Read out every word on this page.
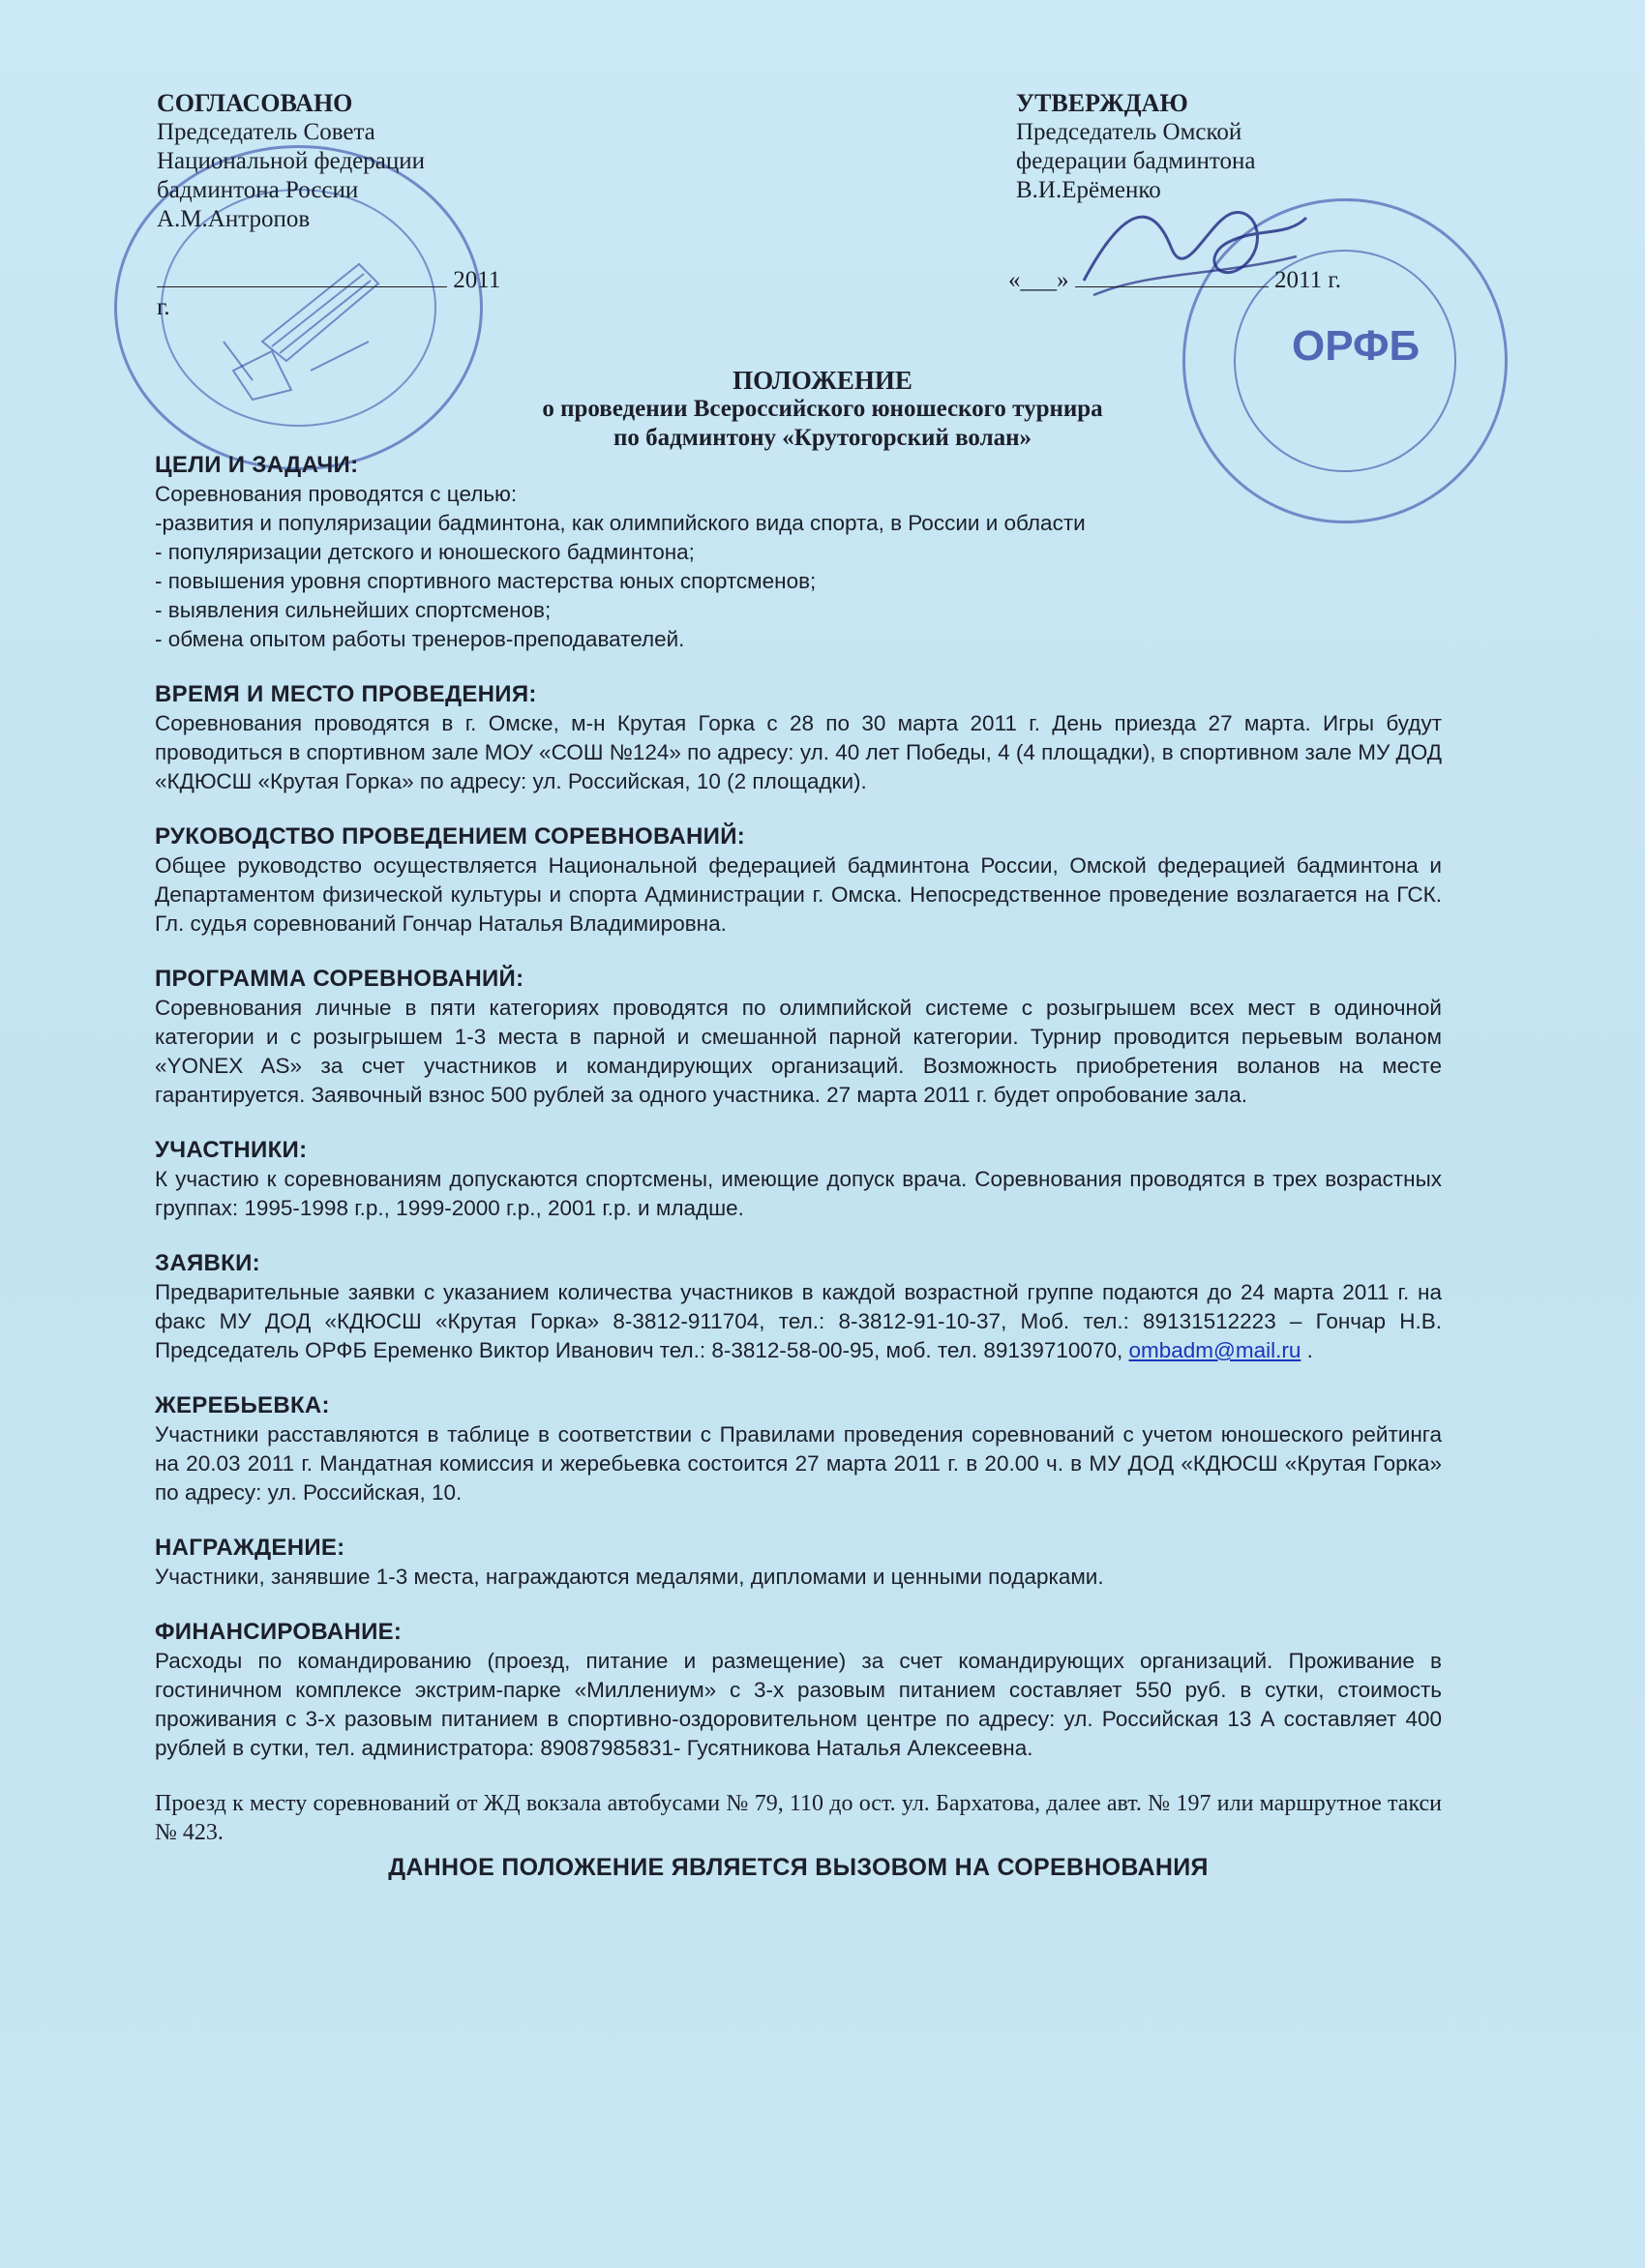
ОРФБ
СОГЛАСОВАНО
Председатель Совета
Национальной федерации
бадминтона России
А.М.Антропов
2011 г.
УТВЕРЖДАЮ
Председатель Омской
федерации бадминтона
В.И.Ерёменко
«___»	2011 г.
ПОЛОЖЕНИЕ
о проведении Всероссийского юношеского турнира
по бадминтону «Крутогорский волан»
ЦЕЛИ И ЗАДАЧИ:
Соревнования проводятся с целью:
-развития и популяризации бадминтона, как олимпийского вида спорта, в России и области
- популяризации детского и юношеского бадминтона;
- повышения уровня спортивного мастерства юных спортсменов;
- выявления сильнейших спортсменов;
- обмена опытом работы тренеров-преподавателей.
ВРЕМЯ И МЕСТО ПРОВЕДЕНИЯ:
Соревнования проводятся в г. Омске, м-н Крутая Горка с 28 по 30 марта 2011 г. День приезда 27 марта. Игры будут проводиться в спортивном зале МОУ «СОШ №124» по адресу: ул. 40 лет Победы, 4 (4 площадки), в спортивном зале МУ ДОД «КДЮСШ «Крутая Горка» по адресу: ул. Российская, 10 (2 площадки).
РУКОВОДСТВО ПРОВЕДЕНИЕМ СОРЕВНОВАНИЙ:
Общее руководство осуществляется Национальной федерацией бадминтона России, Омской федерацией бадминтона и Департаментом физической культуры и спорта Администрации г. Омска. Непосредственное проведение возлагается на ГСК. Гл. судья соревнований Гончар Наталья Владимировна.
ПРОГРАММА СОРЕВНОВАНИЙ:
Соревнования личные в пяти категориях проводятся по олимпийской системе с розыгрышем всех мест в одиночной категории и с розыгрышем 1-3 места в парной и смешанной парной категории. Турнир проводится перьевым воланом «YONEX AS» за счет участников и командирующих организаций. Возможность приобретения воланов на месте гарантируется. Заявочный взнос 500 рублей за одного участника. 27 марта 2011 г. будет опробование зала.
УЧАСТНИКИ:
К участию к соревнованиям допускаются спортсмены, имеющие допуск врача. Соревнования проводятся в трех возрастных группах: 1995-1998 г.р., 1999-2000 г.р., 2001 г.р. и младше.
ЗАЯВКИ:
Предварительные заявки с указанием количества участников в каждой возрастной группе подаются до 24 марта 2011 г. на факс МУ ДОД «КДЮСШ «Крутая Горка» 8-3812-911704, тел.: 8-3812-91-10-37, Моб. тел.: 89131512223 – Гончар Н.В. Председатель ОРФБ Еременко Виктор Иванович тел.: 8-3812-58-00-95, моб. тел. 89139710070, ombadm@mail.ru .
ЖЕРЕБЬЕВКА:
Участники расставляются в таблице в соответствии с Правилами проведения соревнований с учетом юношеского рейтинга на 20.03 2011 г. Мандатная комиссия и жеребьевка состоится 27 марта 2011 г. в 20.00 ч. в МУ ДОД «КДЮСШ «Крутая Горка» по адресу: ул. Российская, 10.
НАГРАЖДЕНИЕ:
Участники, занявшие 1-3 места, награждаются медалями, дипломами и ценными подарками.
ФИНАНСИРОВАНИЕ:
Расходы по командированию (проезд, питание и размещение) за счет командирующих организаций. Проживание в гостиничном комплексе экстрим-парке «Миллениум» с 3-х разовым питанием составляет 550 руб. в сутки, стоимость проживания с 3-х разовым питанием в спортивно-оздоровительном центре по адресу: ул. Российская 13 А составляет 400 рублей в сутки, тел. администратора: 89087985831- Гусятникова Наталья Алексеевна.
Проезд к месту соревнований от ЖД вокзала автобусами № 79, 110 до ост. ул. Бархатова, далее авт. № 197 или маршрутное такси № 423.
ДАННОЕ ПОЛОЖЕНИЕ ЯВЛЯЕТСЯ ВЫЗОВОМ НА СОРЕВНОВАНИЯ
